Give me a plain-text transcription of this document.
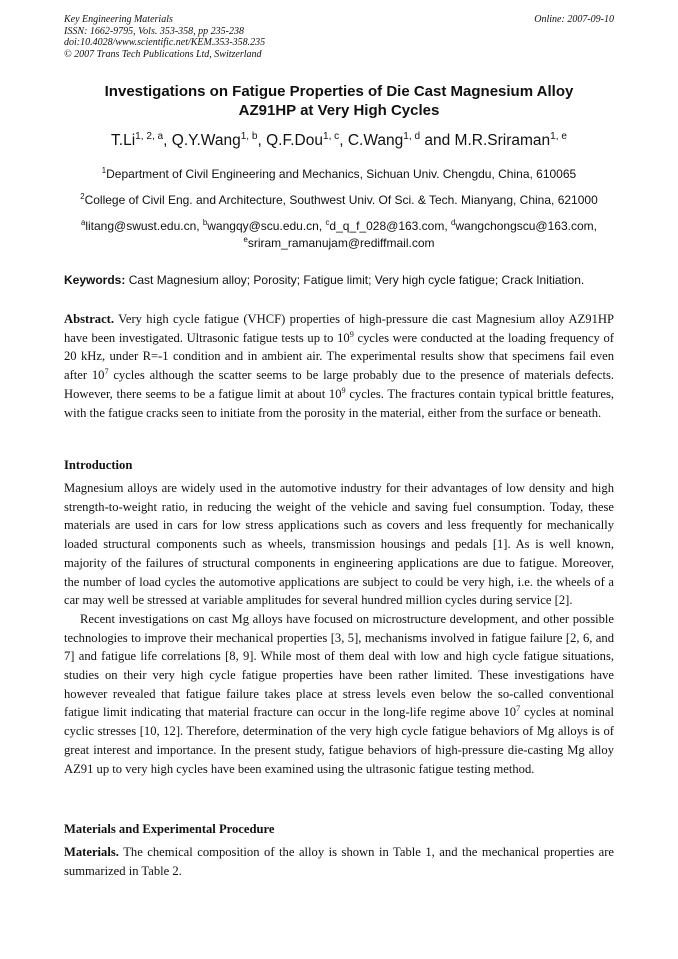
Key Engineering Materials
ISSN: 1662-9795, Vols. 353-358, pp 235-238
doi:10.4028/www.scientific.net/KEM.353-358.235
© 2007 Trans Tech Publications Ltd, Switzerland
Online: 2007-09-10
Investigations on Fatigue Properties of Die Cast Magnesium Alloy
AZ91HP at Very High Cycles
T.Li$^{1, 2, a}$, Q.Y.Wang$^{1, b}$, Q.F.Dou$^{1, c}$, C.Wang$^{1, d}$ and M.R.Sriraman$^{1, e}$
$^1$Department of Civil Engineering and Mechanics, Sichuan Univ. Chengdu, China, 610065
$^2$College of Civil Eng. and Architecture, Southwest Univ. Of Sci. & Tech. Mianyang, China, 621000
$^a$litang@swust.edu.cn, $^b$wangqy@scu.edu.cn, $^c$d_q_f_028@163.com, $^d$wangchongscu@163.com,
$^e$sriram_ramanujam@rediffmail.com
Keywords: Cast Magnesium alloy; Porosity; Fatigue limit; Very high cycle fatigue; Crack Initiation.

Abstract. Very high cycle fatigue (VHCF) properties of high-pressure die cast Magnesium alloy AZ91HP have been investigated. Ultrasonic fatigue tests up to $10^9$ cycles were conducted at the loading frequency of 20 kHz, under R=-1 condition and in ambient air. The experimental results show that specimens fail even after $10^7$ cycles although the scatter seems to be large probably due to the presence of materials defects. However, there seems to be a fatigue limit at about $10^9$ cycles. The fractures contain typical brittle features, with the fatigue cracks seen to initiate from the porosity in the material, either from the surface or beneath.

Introduction

Magnesium alloys are widely used in the automotive industry for their advantages of low density and high strength-to-weight ratio, in reducing the weight of the vehicle and saving fuel consumption. Today, these materials are used in cars for low stress applications such as covers and less frequently for mechanically loaded structural components such as wheels, transmission housings and pedals [1]. As is well known, majority of the failures of structural components in engineering applications are due to fatigue. Moreover, the number of load cycles the automotive applications are subject to could be very high, i.e. the wheels of a car may well be stressed at variable amplitudes for several hundred million cycles during service [2].

Recent investigations on cast Mg alloys have focused on microstructure development, and other possible technologies to improve their mechanical properties [3, 5], mechanisms involved in fatigue failure [2, 6, and 7] and fatigue life correlations [8, 9]. While most of them deal with low and high cycle fatigue situations, studies on their very high cycle fatigue properties have been rather limited. These investigations have however revealed that fatigue failure takes place at stress levels even below the so-called conventional fatigue limit indicating that material fracture can occur in the long-life regime above $10^7$ cycles at nominal cyclic stresses [10, 12]. Therefore, determination of the very high cycle fatigue behaviors of Mg alloys is of great interest and importance. In the present study, fatigue behaviors of high-pressure die-casting Mg alloy AZ91 up to very high cycles have been examined using the ultrasonic fatigue testing method.

Materials and Experimental Procedure

Materials. The chemical composition of the alloy is shown in Table 1, and the mechanical properties are summarized in Table 2.
